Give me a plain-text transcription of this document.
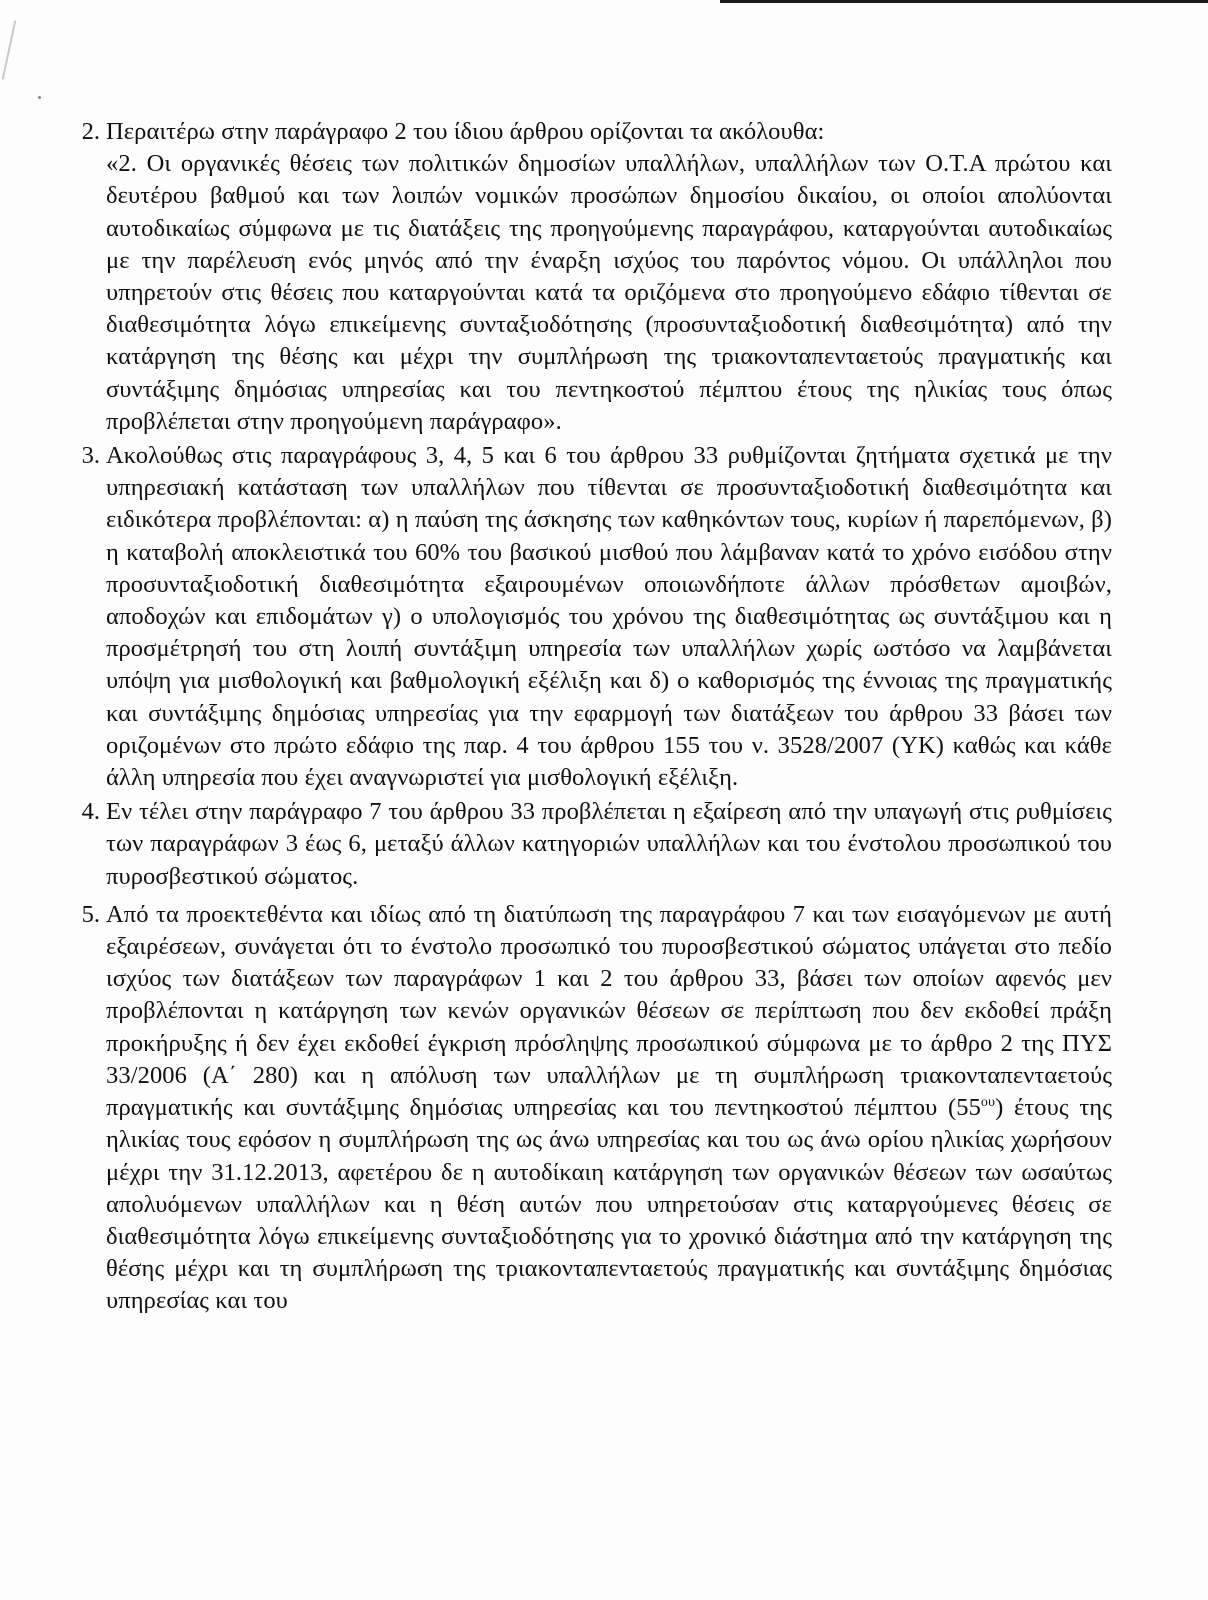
2. Περαιτέρω στην παράγραφο 2 του ίδιου άρθρου ορίζονται τα ακόλουθα:
«2. Οι οργανικές θέσεις των πολιτικών δημοσίων υπαλλήλων, υπαλλήλων των Ο.Τ.Α πρώτου και δευτέρου βαθμού και των λοιπών νομικών προσώπων δημοσίου δικαίου, οι οποίοι απολύονται αυτοδικαίως σύμφωνα με τις διατάξεις της προηγούμενης παραγράφου, καταργούνται αυτοδικαίως με την παρέλευση ενός μηνός από την έναρξη ισχύος του παρόντος νόμου. Οι υπάλληλοι που υπηρετούν στις θέσεις που καταργούνται κατά τα οριζόμενα στο προηγούμενο εδάφιο τίθενται σε διαθεσιμότητα λόγω επικείμενης συνταξιοδότησης (προσυνταξιοδοτική διαθεσιμότητα) από την κατάργηση της θέσης και μέχρι την συμπλήρωση της τριακονταπενταετούς πραγματικής και συντάξιμης δημόσιας υπηρεσίας και του πεντηκοστού πέμπτου έτους της ηλικίας τους όπως προβλέπεται στην προηγούμενη παράγραφο».

3. Ακολούθως στις παραγράφους 3, 4, 5 και 6 του άρθρου 33 ρυθμίζονται ζητήματα σχετικά με την υπηρεσιακή κατάσταση των υπαλλήλων που τίθενται σε προσυνταξιοδοτική διαθεσιμότητα και ειδικότερα προβλέπονται: α) η παύση της άσκησης των καθηκόντων τους, κυρίων ή παρεπόμενων, β) η καταβολή αποκλειστικά του 60% του βασικού μισθού που λάμβαναν κατά το χρόνο εισόδου στην προσυνταξιοδοτική διαθεσιμότητα εξαιρουμένων οποιωνδήποτε άλλων πρόσθετων αμοιβών, αποδοχών και επιδομάτων γ) ο υπολογισμός του χρόνου της διαθεσιμότητας ως συντάξιμου και η προσμέτρησή του στη λοιπή συντάξιμη υπηρεσία των υπαλλήλων χωρίς ωστόσο να λαμβάνεται υπόψη για μισθολογική και βαθμολογική εξέλιξη και δ) ο καθορισμός της έννοιας της πραγματικής και συντάξιμης δημόσιας υπηρεσίας για την εφαρμογή των διατάξεων του άρθρου 33 βάσει των οριζομένων στο πρώτο εδάφιο της παρ. 4 του άρθρου 155 του ν. 3528/2007 (ΥΚ) καθώς και κάθε άλλη υπηρεσία που έχει αναγνωριστεί για μισθολογική εξέλιξη.

4. Εν τέλει στην παράγραφο 7 του άρθρου 33 προβλέπεται η εξαίρεση από την υπαγωγή στις ρυθμίσεις των παραγράφων 3 έως 6, μεταξύ άλλων κατηγοριών υπαλλήλων και του ένστολου προσωπικού του πυροσβεστικού σώματος.

5. Από τα προεκτεθέντα και ιδίως από τη διατύπωση της παραγράφου 7 και των εισαγόμενων με αυτή εξαιρέσεων, συνάγεται ότι το ένστολο προσωπικό του πυροσβεστικού σώματος υπάγεται στο πεδίο ισχύος των διατάξεων των παραγράφων 1 και 2 του άρθρου 33, βάσει των οποίων αφενός μεν προβλέπονται η κατάργηση των κενών οργανικών θέσεων σε περίπτωση που δεν εκδοθεί πράξη προκήρυξης ή δεν έχει εκδοθεί έγκριση πρόσληψης προσωπικού σύμφωνα με το άρθρο 2 της ΠΥΣ 33/2006 (Α΄ 280) και η απόλυση των υπαλλήλων με τη συμπλήρωση τριακονταπενταετούς πραγματικής και συντάξιμης δημόσιας υπηρεσίας και του πεντηκοστού πέμπτου $(55^{o\upsilon})$ έτους της ηλικίας τους εφόσον η συμπλήρωση της ως άνω υπηρεσίας και του ως άνω ορίου ηλικίας χωρήσουν μέχρι την 31.12.2013, αφετέρου δε η αυτοδίκαιη κατάργηση των οργανικών θέσεων των ωσαύτως απολυόμενων υπαλλήλων και η θέση αυτών που υπηρετούσαν στις καταργούμενες θέσεις σε διαθεσιμότητα λόγω επικείμενης συνταξιοδότησης για το χρονικό διάστημα από την κατάργηση της θέσης μέχρι και τη συμπλήρωση της τριακονταπενταετούς πραγματικής και συντάξιμης δημόσιας υπηρεσίας και του
